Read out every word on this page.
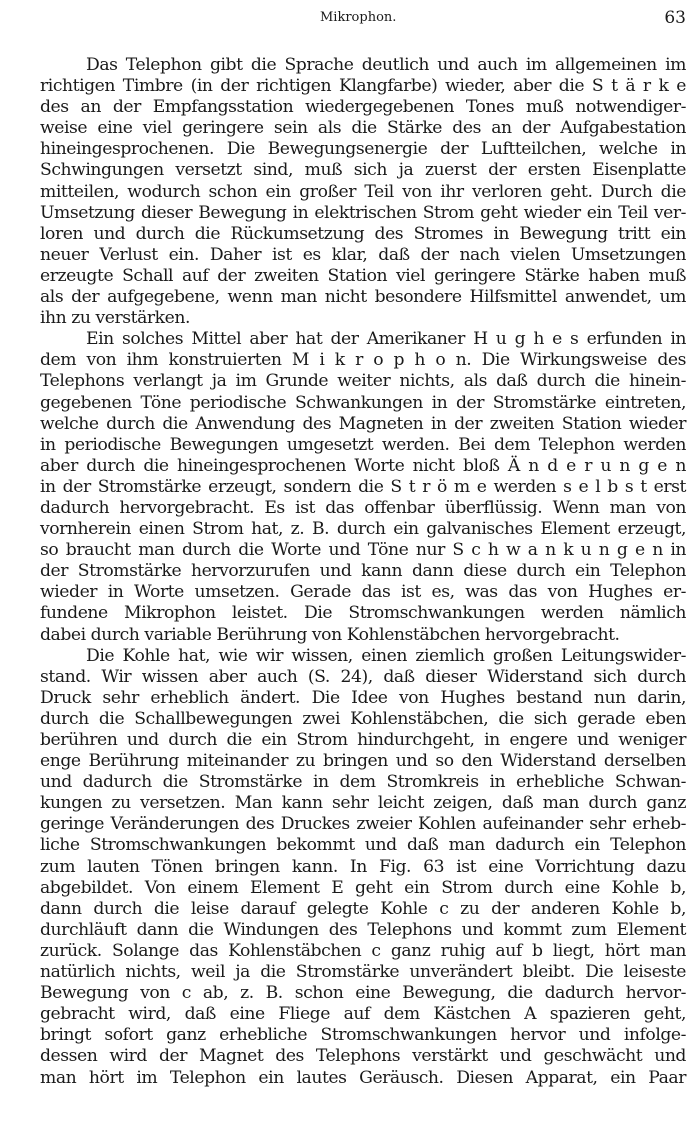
Mikrophon.	63
Das Telephon gibt die Sprache deutlich und auch im allgemeinen im
richtigen Timbre (in der richtigen Klangfarbe) wieder, aber die S t ä r k e
des an der Empfangsstation wiedergegebenen Tones muß notwendiger-
weise eine viel geringere sein als die Stärke des an der Aufgabestation
hineingesprochenen. Die Bewegungsenergie der Luftteilchen, welche in
Schwingungen versetzt sind, muß sich ja zuerst der ersten Eisenplatte
mitteilen, wodurch schon ein großer Teil von ihr verloren geht. Durch die
Umsetzung dieser Bewegung in elektrischen Strom geht wieder ein Teil ver-
loren und durch die Rückumsetzung des Stromes in Bewegung tritt ein
neuer Verlust ein. Daher ist es klar, daß der nach vielen Umsetzungen
erzeugte Schall auf der zweiten Station viel geringere Stärke haben muß
als der aufgegebene, wenn man nicht besondere Hilfsmittel anwendet, um
ihn zu verstärken.
Ein solches Mittel aber hat der Amerikaner H u g h e s erfunden in
dem von ihm konstruierten M i k r o p h o n. Die Wirkungsweise des
Telephons verlangt ja im Grunde weiter nichts, als daß durch die hinein-
gegebenen Töne periodische Schwankungen in der Stromstärke eintreten,
welche durch die Anwendung des Magneten in der zweiten Station wieder
in periodische Bewegungen umgesetzt werden. Bei dem Telephon werden
aber durch die hineingesprochenen Worte nicht bloß Ä n d e r u n g e n
in der Stromstärke erzeugt, sondern die S t r ö m e werden s e l b s t erst
dadurch hervorgebracht. Es ist das offenbar überflüssig. Wenn man von
vornherein einen Strom hat, z. B. durch ein galvanisches Element erzeugt,
so braucht man durch die Worte und Töne nur S c h w a n k u n g e n in
der Stromstärke hervorzurufen und kann dann diese durch ein Telephon
wieder in Worte umsetzen. Gerade das ist es, was das von Hughes er-
fundene Mikrophon leistet. Die Stromschwankungen werden nämlich
dabei durch variable Berührung von Kohlenstäbchen hervorgebracht.
Die Kohle hat, wie wir wissen, einen ziemlich großen Leitungswider-
stand. Wir wissen aber auch (S. 24), daß dieser Widerstand sich durch
Druck sehr erheblich ändert. Die Idee von Hughes bestand nun darin,
durch die Schallbewegungen zwei Kohlenstäbchen, die sich gerade eben
berühren und durch die ein Strom hindurchgeht, in engere und weniger
enge Berührung miteinander zu bringen und so den Widerstand derselben
und dadurch die Stromstärke in dem Stromkreis in erhebliche Schwan-
kungen zu versetzen. Man kann sehr leicht zeigen, daß man durch ganz
geringe Veränderungen des Druckes zweier Kohlen aufeinander sehr erheb-
liche Stromschwankungen bekommt und daß man dadurch ein Telephon
zum lauten Tönen bringen kann. In Fig. 63 ist eine Vorrichtung dazu
abgebildet. Von einem Element E geht ein Strom durch eine Kohle b,
dann durch die leise darauf gelegte Kohle c zu der anderen Kohle b,
durchläuft dann die Windungen des Telephons und kommt zum Element
zurück. Solange das Kohlenstäbchen c ganz ruhig auf b liegt, hört man
natürlich nichts, weil ja die Stromstärke unverändert bleibt. Die leiseste
Bewegung von c ab, z. B. schon eine Bewegung, die dadurch hervor-
gebracht wird, daß eine Fliege auf dem Kästchen A spazieren geht,
bringt sofort ganz erhebliche Stromschwankungen hervor und infolge-
dessen wird der Magnet des Telephons verstärkt und geschwächt und
man hört im Telephon ein lautes Geräusch. Diesen Apparat, ein Paar
